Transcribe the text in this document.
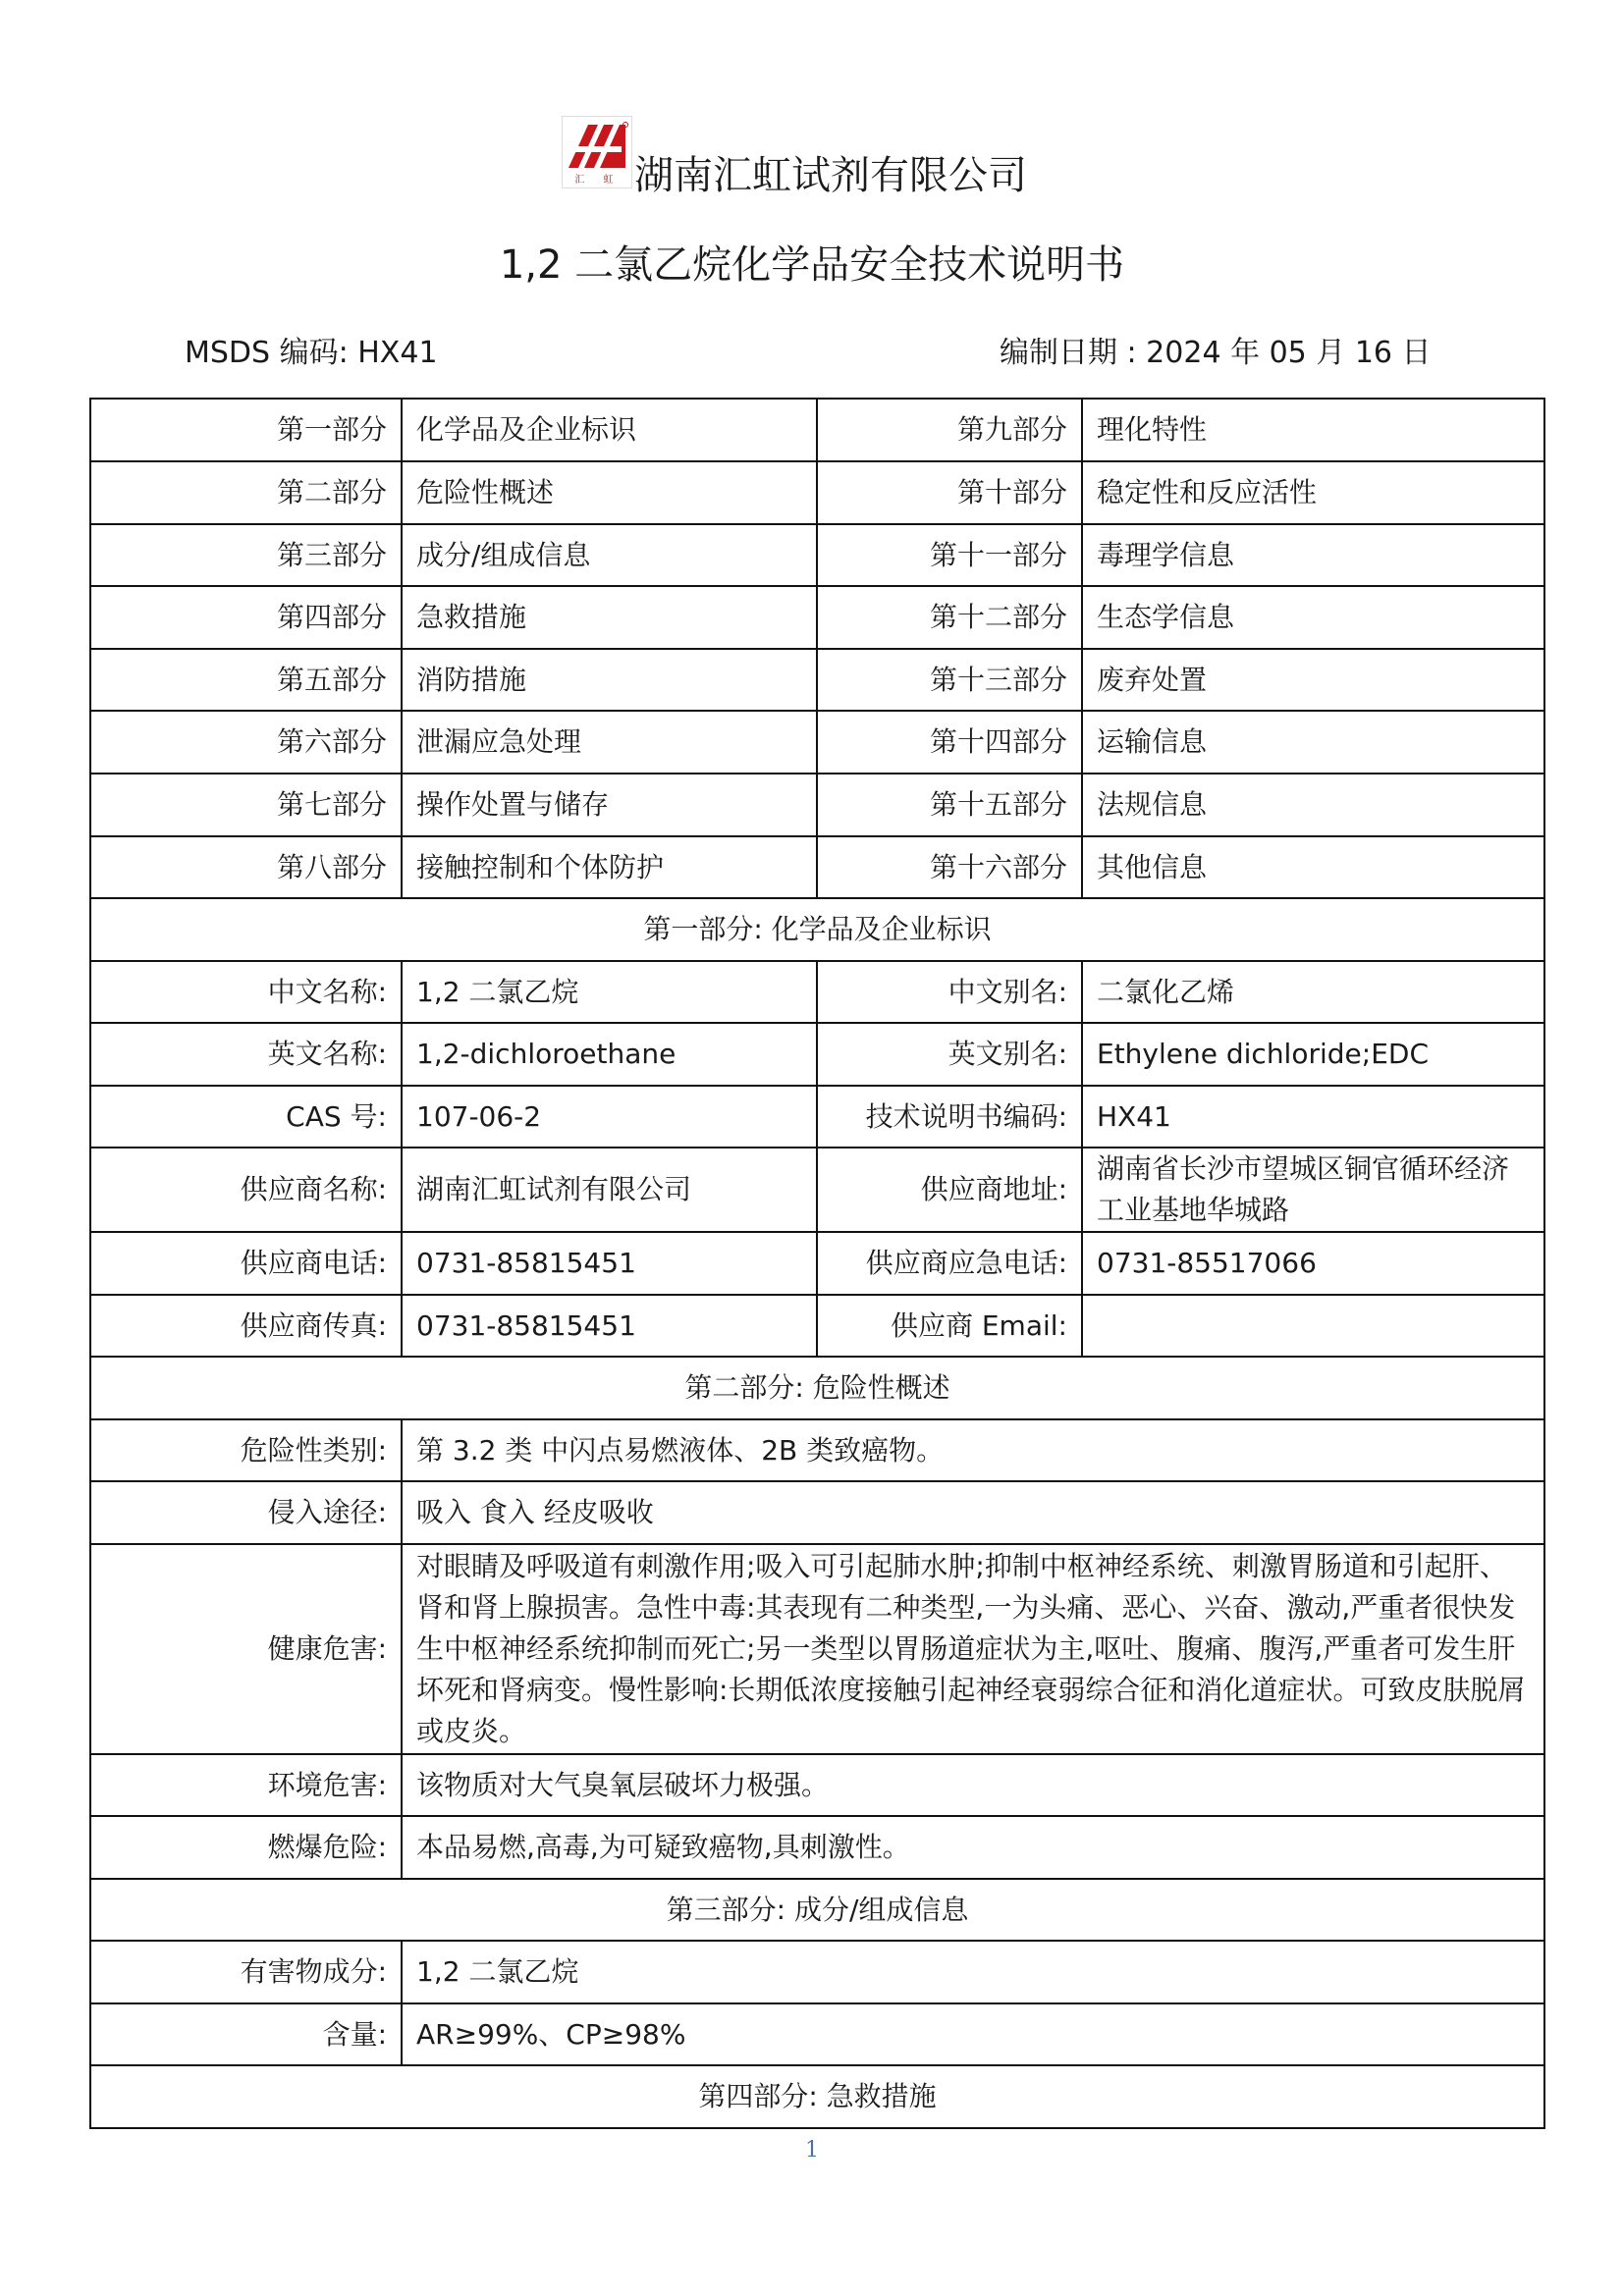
汇 虹 湖南汇虹试剂有限公司
1,2 二氯乙烷化学品安全技术说明书
MSDS 编码: HX41	编制日期 : 2024 年 05 月 16 日
第一部分	化学品及企业标识	第九部分	理化特性
第二部分	危险性概述	第十部分	稳定性和反应活性
第三部分	成分/组成信息	第十一部分	毒理学信息
第四部分	急救措施	第十二部分	生态学信息
第五部分	消防措施	第十三部分	废弃处置
第六部分	泄漏应急处理	第十四部分	运输信息
第七部分	操作处置与储存	第十五部分	法规信息
第八部分	接触控制和个体防护	第十六部分	其他信息
第一部分: 化学品及企业标识			
中文名称:	1,2 二氯乙烷	中文别名:	二氯化乙烯
英文名称:	1,2-dichloroethane	英文别名:	Ethylene dichloride;EDC
CAS 号:	107-06-2	技术说明书编码:	HX41
供应商名称:	湖南汇虹试剂有限公司	供应商地址:	湖南省长沙市望城区铜官循环经济工业基地华城路
供应商电话:	0731-85815451	供应商应急电话:	0731-85517066
供应商传真:	0731-85815451	供应商 Email:	
第二部分: 危险性概述			
危险性类别:	第 3.2 类 中闪点易燃液体、2B 类致癌物。		
侵入途径:	吸入 食入 经皮吸收		
健康危害:	对眼睛及呼吸道有刺激作用;吸入可引起肺水肿;抑制中枢神经系统、刺激胃肠道和引起肝、肾和肾上腺损害。急性中毒:其表现有二种类型,一为头痛、恶心、兴奋、激动,严重者很快发生中枢神经系统抑制而死亡;另一类型以胃肠道症状为主,呕吐、腹痛、腹泻,严重者可发生肝坏死和肾病变。慢性影响:长期低浓度接触引起神经衰弱综合征和消化道症状。可致皮肤脱屑或皮炎。		
环境危害:	该物质对大气臭氧层破坏力极强。		
燃爆危险:	本品易燃,高毒,为可疑致癌物,具刺激性。		
第三部分: 成分/组成信息			
有害物成分:	1,2 二氯乙烷		
含量:	AR≥99%、CP≥98%		
第四部分: 急救措施			
1
